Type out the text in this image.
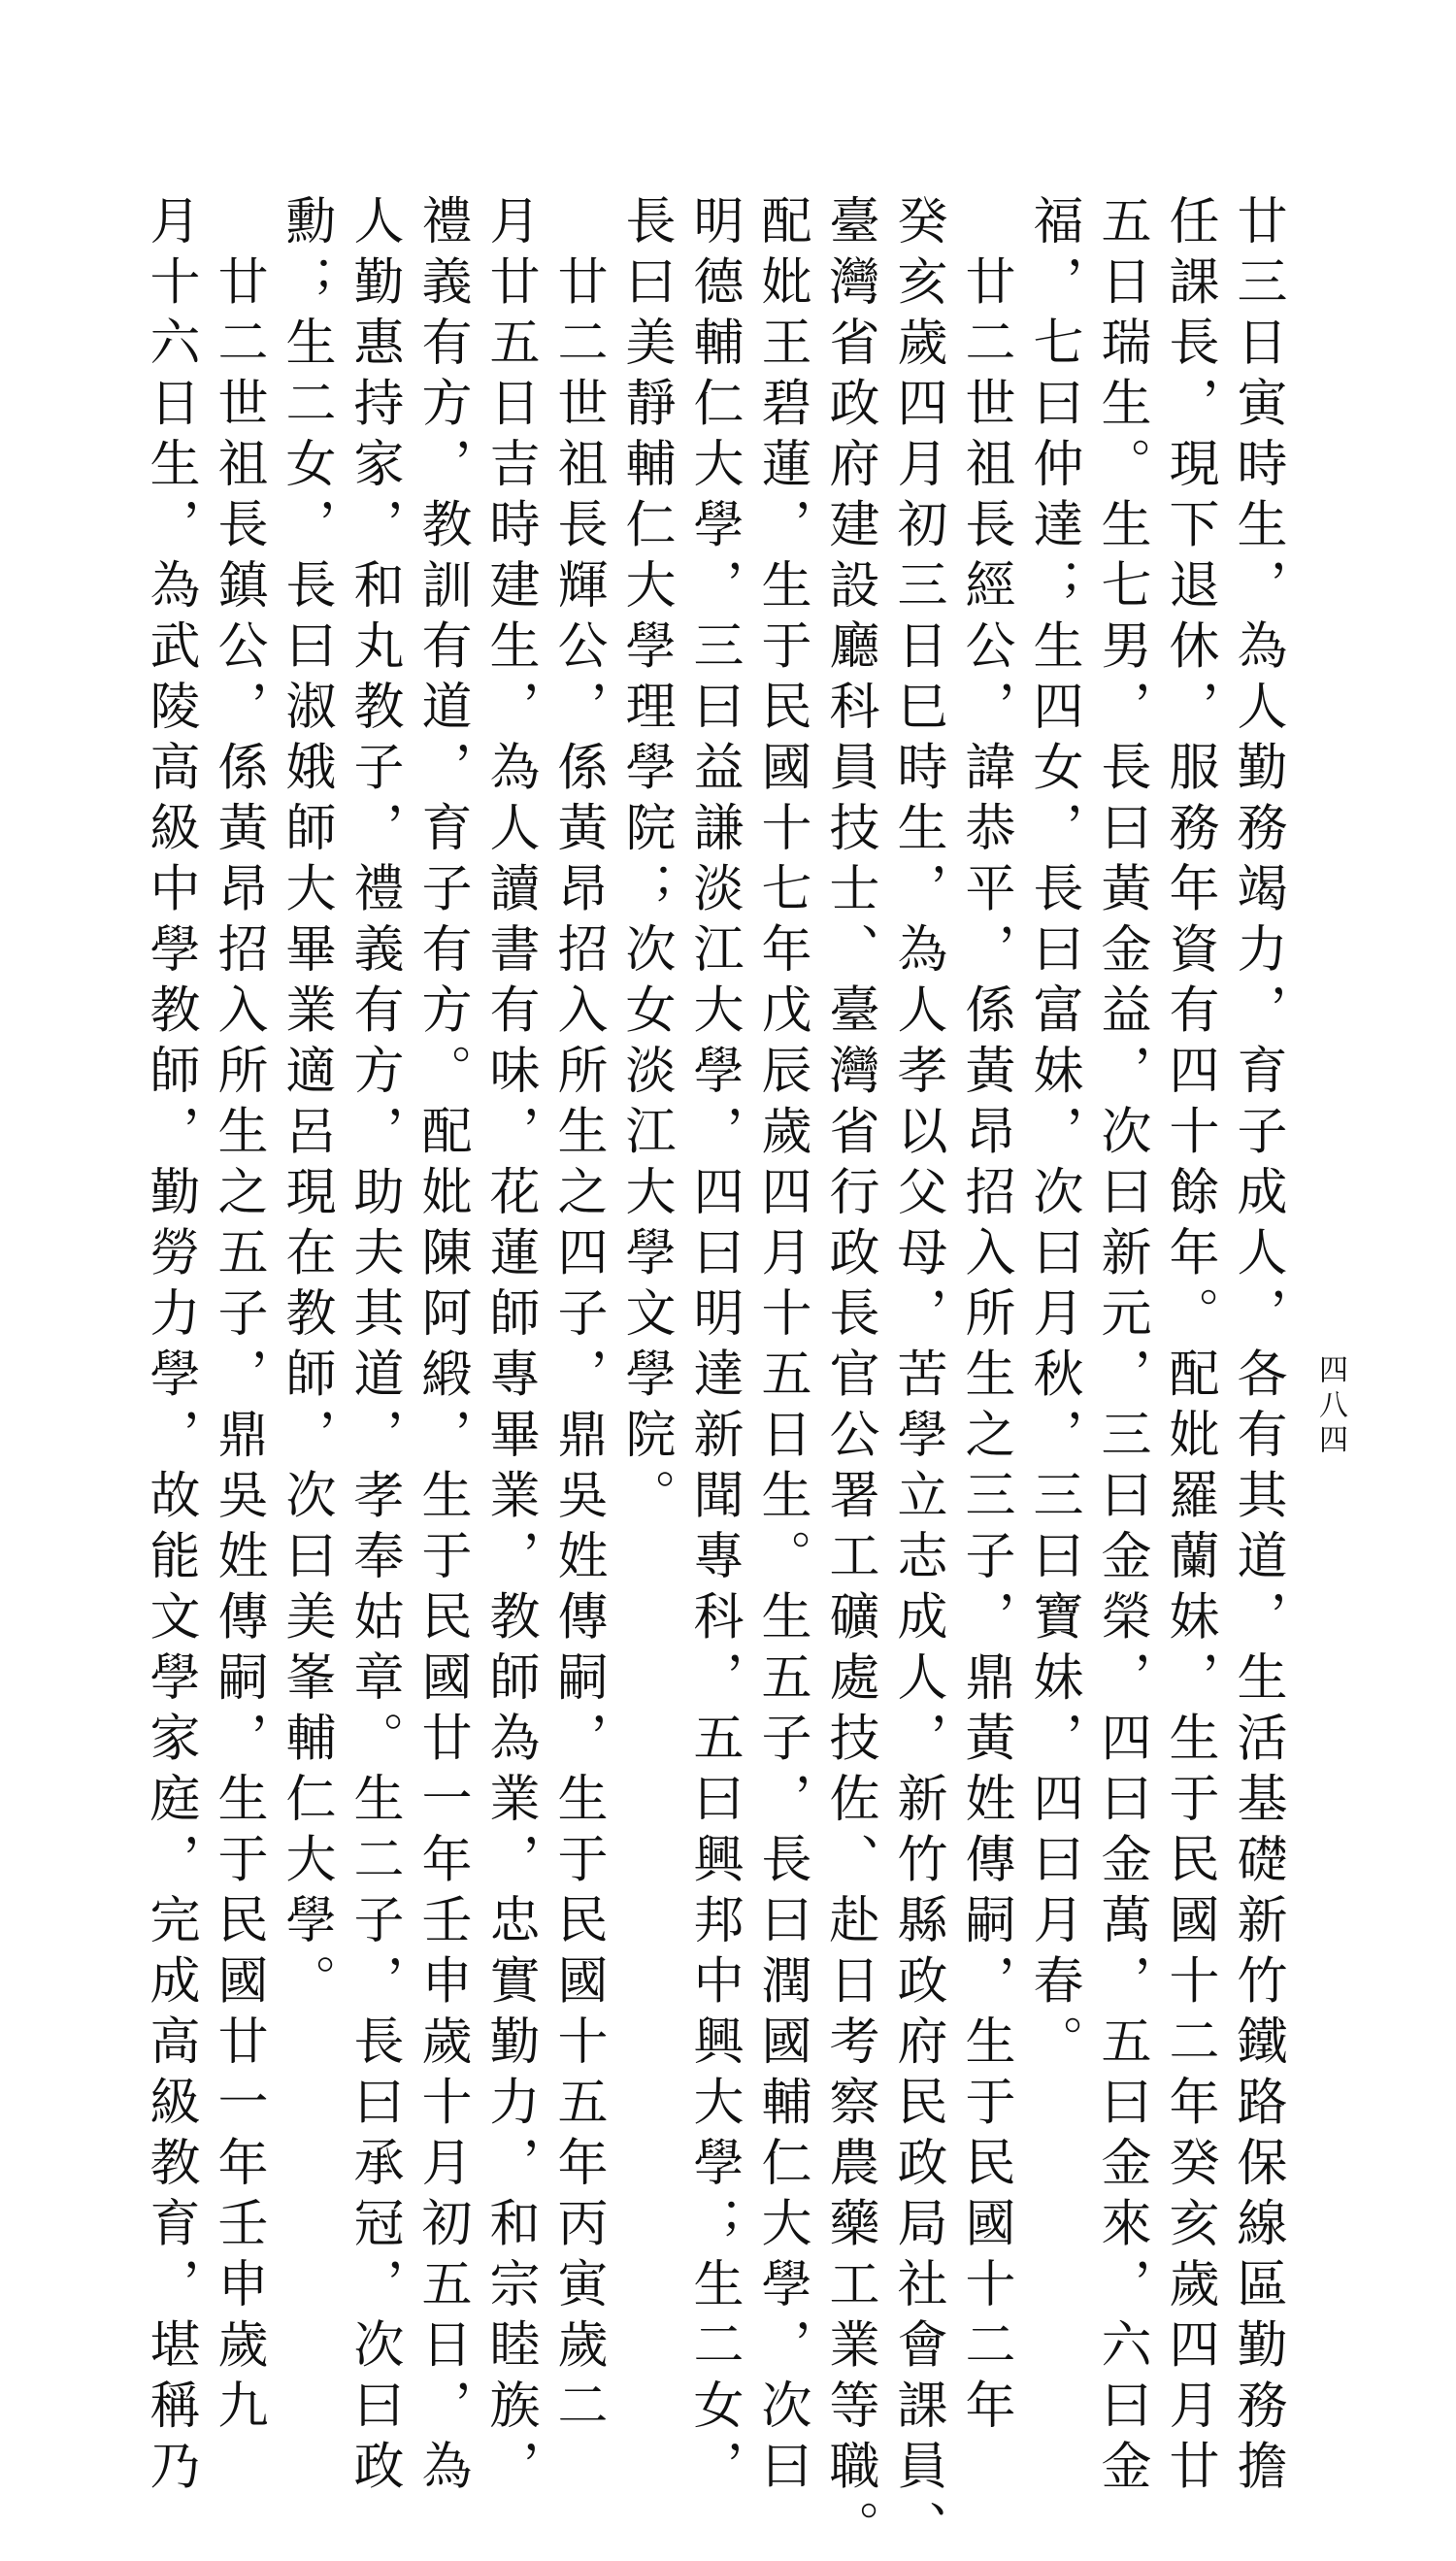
四八四

廿三日寅時生，為人勤務竭力，育子成人，各有其道，生活基礎新竹鐵路保線區勤務擔

任課長，現下退休，服務年資有四十餘年。配妣羅蘭妹，生于民國十二年癸亥歲四月廿

五日瑞生。生七男，長曰黃金益，次曰新元，三曰金榮，四曰金萬，五曰金來，六曰金

福，七曰仲達；生四女，長曰富妹，次曰月秋，三曰寶妹，四曰月春。

　廿二世祖長經公，諱恭平，係黃昂招入所生之三子，鼎黃姓傳嗣，生于民國十二年

癸亥歲四月初三日巳時生，為人孝以父母，苦學立志成人，新竹縣政府民政局社會課員、

臺灣省政府建設廳科員技士、臺灣省行政長官公署工礦處技佐、赴日考察農藥工業等職。

配妣王碧蓮，生于民國十七年戊辰歲四月十五日生。生五子，長曰潤國輔仁大學，次曰

明德輔仁大學，三曰益謙淡江大學，四曰明達新聞專科，五曰興邦中興大學；生二女，

長曰美靜輔仁大學理學院；次女淡江大學文學院。

　廿二世祖長輝公，係黃昂招入所生之四子，鼎吳姓傳嗣，生于民國十五年丙寅歲二

月廿五日吉時建生，為人讀書有味，花蓮師專畢業，教師為業，忠實勤力，和宗睦族，

禮義有方，教訓有道，育子有方。配妣陳阿緞，生于民國廿一年壬申歲十月初五日，為

人勤惠持家，和丸教子，禮義有方，助夫其道，孝奉姑章。生二子，長曰承冠，次曰政

勳；生二女，長曰淑娥師大畢業適呂現在教師，次曰美峯輔仁大學。

　廿二世祖長鎮公，係黃昂招入所生之五子，鼎吳姓傳嗣，生于民國廿一年壬申歲九

月十六日生，為武陵高級中學教師，勤勞力學，故能文學家庭，完成高級教育，堪稱乃
